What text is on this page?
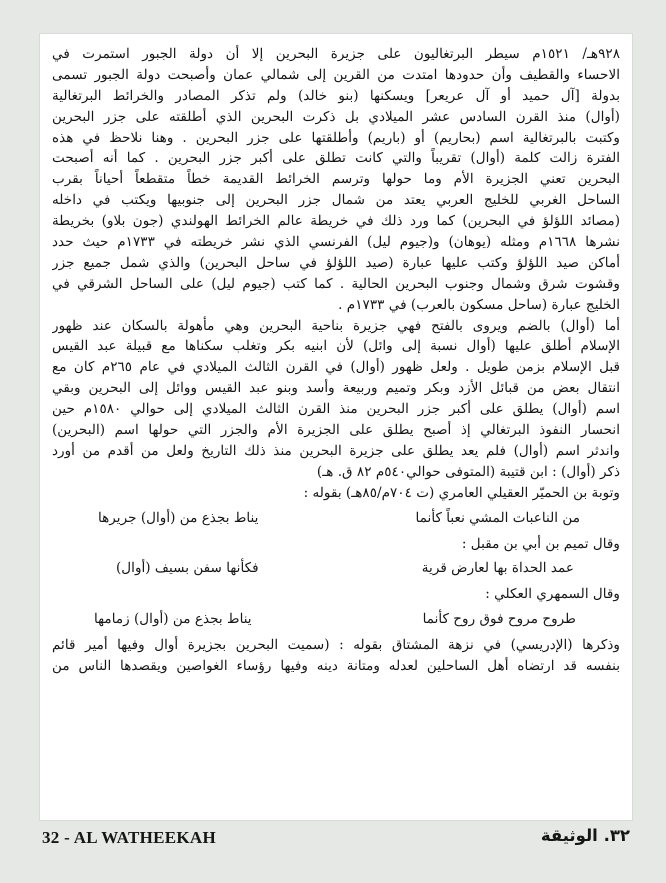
٩٢٨هـ/ ١٥٢١م سيطر البرتغاليون على جزيرة البحرين إلا أن دولة الجبور استمرت في
الاحساء والقطيف وأن حدودها امتدت من القرين إلى شمالي عمان وأصبحت دولة الجبور تسمى
بدولة [آل حميد أو آل عريعر] ويسكنها (بنو خالد) ولم تذكر المصادر والخرائط البرتغالية
(أوال) منذ القرن السادس عشر الميلادي بل ذكرت البحرين الذي أطلقته على جزر البحرين
وكتبت بالبرتغالية اسم (بحاريم) أو (باريم) وأطلقتها على جزر البحرين . وهنا نلاحظ في هذه
الفترة زالت كلمة (أوال) تقريباً والتي كانت تطلق على أكبر جزر البحرين . كما أنه أصبحت
البحرين تعني الجزيرة الأم وما حولها وترسم الخرائط القديمة خطاً متقطعاً أحياناً بقرب
الساحل الغربي للخليج العربي يعتد من شمال جزر البحرين إلى جنوبيها ويكتب في داخله
(مصائد اللؤلؤ في البحرين) كما ورد ذلك في خريطة عالم الخرائط الهولندي (جون بلاو) بخريطة
نشرها ١٦٦٨م ومثله (يوهان) و(جيوم ليل) الفرنسي الذي نشر خريطته في ١٧٣٣م حيث حدد
أماكن صيد اللؤلؤ وكتب عليها عبارة (صيد اللؤلؤ في ساحل البحرين) والذي شمل جميع جزر
وقشوت شرق وشمال وجنوب البحرين الحالية . كما كتب (جيوم ليل) على الساحل الشرقي في
الخليج عبارة (ساحل مسكون بالعرب) في ١٧٣٣م .
أما (أوال) بالضم ويروى بالفتح فهي جزيرة بناحية البحرين وهي مأهولة بالسكان عند ظهور
الإسلام أطلق عليها (أوال نسبة إلى وائل) لأن ابنيه بكر وتغلب سكناها مع قبيلة عبد القيس
قبل الإسلام بزمن طويل . ولعل ظهور (أوال) في القرن الثالث الميلادي في عام ٢٦٥م كان مع
انتقال بعض من قبائل الأزد وبكر وتميم وربيعة وأسد وبنو عبد القيس ووائل إلى البحرين وبقي
اسم (أوال) يطلق على أكبر جزر البحرين منذ القرن الثالث الميلادي إلى حوالي ١٥٨٠م حين
انحسار النفوذ البرتغالي إذ أصبح يطلق على الجزيرة الأم والجزر التي حولها اسم (البحرين)
واندثر اسم (أوال) فلم يعد يطلق على جزيرة البحرين منذ ذلك التاريخ ولعل من أقدم من أورد
ذكر (أوال) : ابن قتيبة (المتوفى حوالي٥٤٠م ٨٢ ق. هـ)
وتوبة بن الحميّر العقيلي العامري (ت ٧٠٤م/٨٥هـ) بقوله :
من الناعبات المشي نعباً كأنما
يناط بجذع من (أوال) جريرها
وقال تميم بن أبي بن مقبل :
عمد الحداة بها لعارض قرية
فكأنها سفن بسيف (أوال)
وقال السمهري العكلي :
طروح مروح فوق روح كأنما
يناط بجذع من (أوال) زمامها
وذكرها (الإدريسي) في نزهة المشتاق بقوله : (سميت البحرين بجزيرة أوال وفيها أمير قائم
بنفسه قد ارتضاه أهل الساحلين لعدله ومتانة دينه وفيها رؤساء الغواصين ويقصدها الناس من
32 - AL WATHEEKAH	٣٢. الوثيقة
